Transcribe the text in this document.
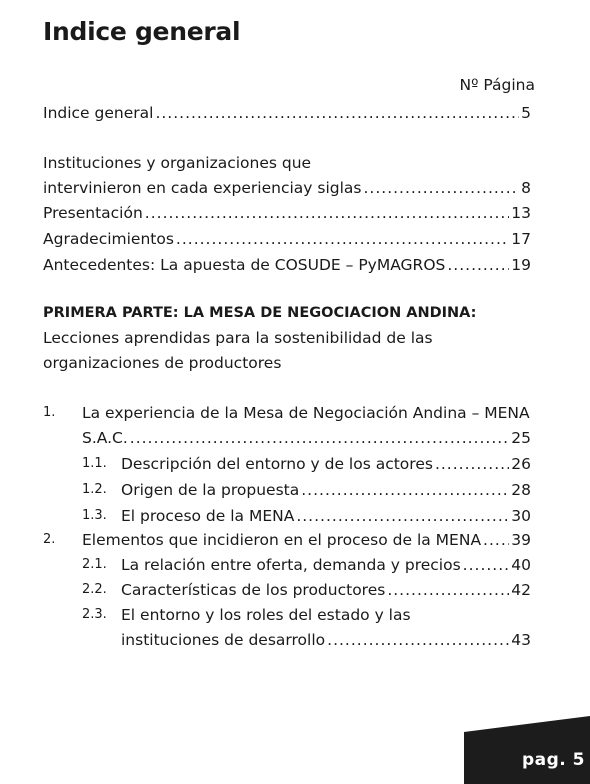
Indice general
Nº Página
Indice general .....	5
Instituciones y organizaciones que
intervinieron en cada experienciay siglas .....	8
Presentación .....	13
Agradecimientos .....	17
Antecedentes: La apuesta de COSUDE – PyMAGROS .....	19
PRIMERA PARTE: LA MESA DE NEGOCIACION ANDINA:
Lecciones aprendidas para la sostenibilidad de las
organizaciones de productores
1. La experiencia de la Mesa de Negociación Andina – MENA
S.A.C. .....	25
1.1. Descripción del entorno y de los actores .....	26
1.2. Origen de la propuesta .....	28
1.3. El proceso de la MENA .....	30
2. Elementos que incidieron en el proceso de la MENA ..... 39
2.1. La relación entre oferta, demanda y precios .....	40
2.2. Características de los productores .....	42
2.3. El entorno y los roles del estado y las
instituciones de desarrollo .....	43
pag. 5
